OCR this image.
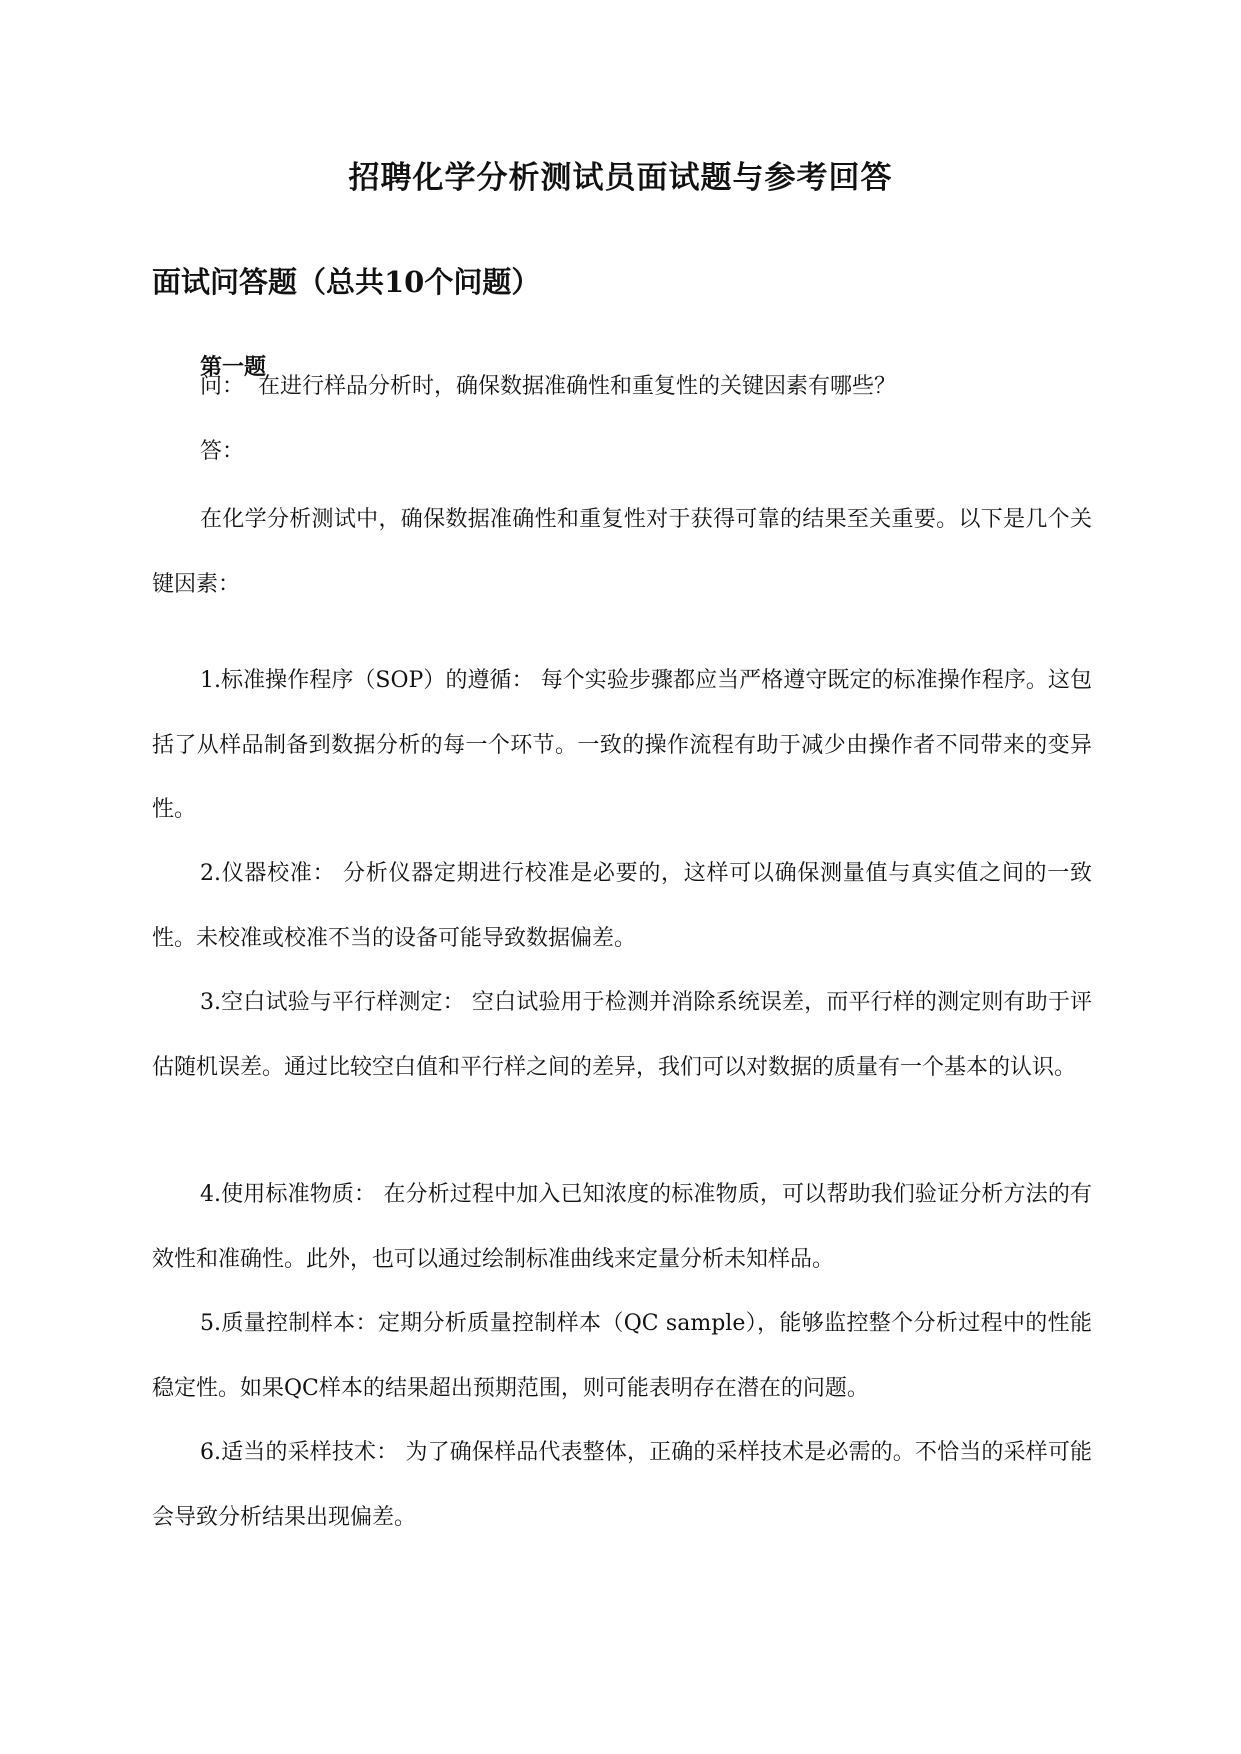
招聘化学分析测试员面试题与参考回答
面试问答题（总共10个问题）
第一题

问： 在进行样品分析时，确保数据准确性和重复性的关键因素有哪些？

答：

在化学分析测试中，确保数据准确性和重复性对于获得可靠的结果至关重要。以下是几个关键因素：

1.标准操作程序（SOP）的遵循： 每个实验步骤都应当严格遵守既定的标准操作程序。这包括了从样品制备到数据分析的每一个环节。一致的操作流程有助于减少由操作者不同带来的变异性。

2.仪器校准： 分析仪器定期进行校准是必要的，这样可以确保测量值与真实值之间的一致性。未校准或校准不当的设备可能导致数据偏差。

3.空白试验与平行样测定： 空白试验用于检测并消除系统误差，而平行样的测定则有助于评估随机误差。通过比较空白值和平行样之间的差异，我们可以对数据的质量有一个基本的认识。

4.使用标准物质： 在分析过程中加入已知浓度的标准物质，可以帮助我们验证分析方法的有效性和准确性。此外，也可以通过绘制标准曲线来定量分析未知样品。

5.质量控制样本：定期分析质量控制样本（QC sample），能够监控整个分析过程中的性能稳定性。如果QC样本的结果超出预期范围，则可能表明存在潜在的问题。

6.适当的采样技术： 为了确保样品代表整体，正确的采样技术是必需的。不恰当的采样可能会导致分析结果出现偏差。
